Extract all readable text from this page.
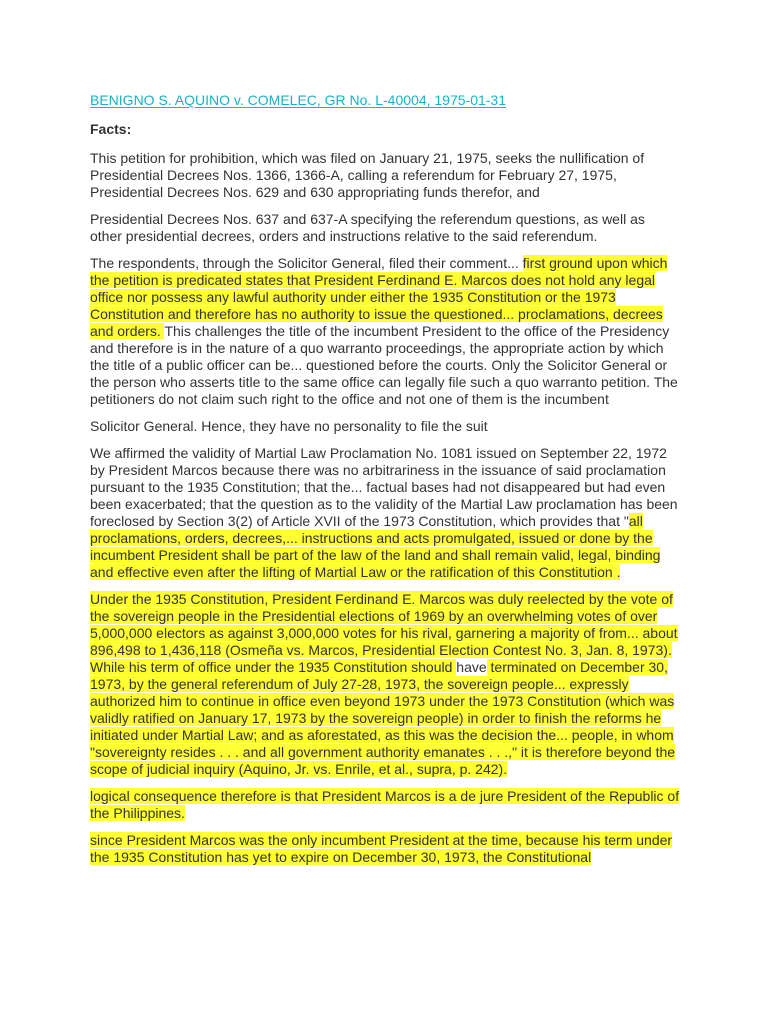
BENIGNO S. AQUINO v. COMELEC, GR No. L-40004, 1975-01-31
Facts:

This petition for prohibition, which was filed on January 21, 1975, seeks the nullification of Presidential Decrees Nos. 1366, 1366-A, calling a referendum for February 27, 1975, Presidential Decrees Nos. 629 and 630 appropriating funds therefor, and

Presidential Decrees Nos. 637 and 637-A specifying the referendum questions, as well as other presidential decrees, orders and instructions relative to the said referendum.

The respondents, through the Solicitor General, filed their comment... first ground upon which the petition is predicated states that President Ferdinand E. Marcos does not hold any legal office nor possess any lawful authority under either the 1935 Constitution or the 1973 Constitution and therefore has no authority to issue the questioned... proclamations, decrees and orders. This challenges the title of the incumbent President to the office of the Presidency and therefore is in the nature of a quo warranto proceedings, the appropriate action by which the title of a public officer can be... questioned before the courts. Only the Solicitor General or the person who asserts title to the same office can legally file such a quo warranto petition. The petitioners do not claim such right to the office and not one of them is the incumbent

Solicitor General. Hence, they have no personality to file the suit

We affirmed the validity of Martial Law Proclamation No. 1081 issued on September 22, 1972 by President Marcos because there was no arbitrariness in the issuance of said proclamation pursuant to the 1935 Constitution; that the... factual bases had not disappeared but had even been exacerbated; that the question as to the validity of the Martial Law proclamation has been foreclosed by Section 3(2) of Article XVII of the 1973 Constitution, which provides that "all proclamations, orders, decrees,... instructions and acts promulgated, issued or done by the incumbent President shall be part of the law of the land and shall remain valid, legal, binding and effective even after the lifting of Martial Law or the ratification of this Constitution .

Under the 1935 Constitution, President Ferdinand E. Marcos was duly reelected by the vote of the sovereign people in the Presidential elections of 1969 by an overwhelming votes of over 5,000,000 electors as against 3,000,000 votes for his rival, garnering a majority of from... about 896,498 to 1,436,118 (Osmeña vs. Marcos, Presidential Election Contest No. 3, Jan. 8, 1973). While his term of office under the 1935 Constitution should have terminated on December 30, 1973, by the general referendum of July 27-28, 1973, the sovereign people... expressly authorized him to continue in office even beyond 1973 under the 1973 Constitution (which was validly ratified on January 17, 1973 by the sovereign people) in order to finish the reforms he initiated under Martial Law; and as aforestated, as this was the decision the... people, in whom "sovereignty resides . . . and all government authority emanates . . .," it is therefore beyond the scope of judicial inquiry (Aquino, Jr. vs. Enrile, et al., supra, p. 242).

logical consequence therefore is that President Marcos is a de jure President of the Republic of the Philippines.

since President Marcos was the only incumbent President at the time, because his term under the 1935 Constitution has yet to expire on December 30, 1973, the Constitutional
